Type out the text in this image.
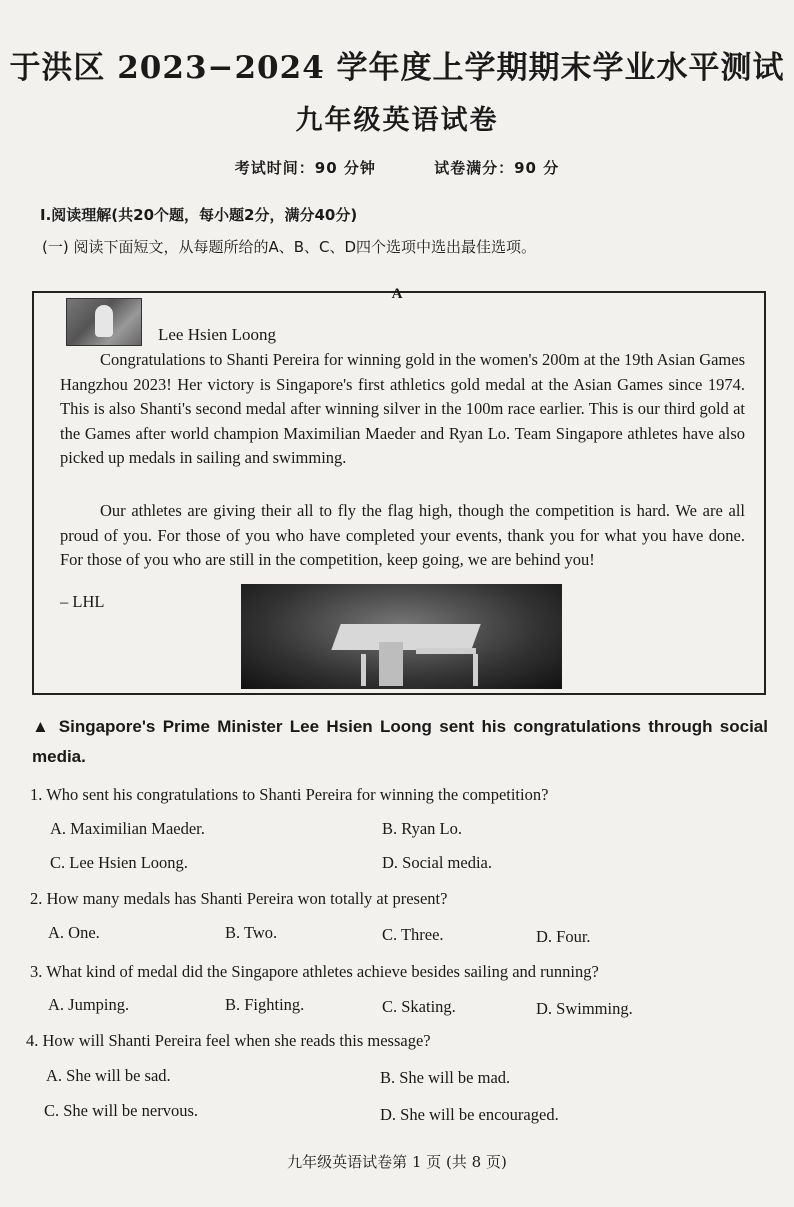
于洪区 2023−2024 学年度上学期期末学业水平测试
九年级英语试卷
考试时间：90 分钟	试卷满分：90 分
I.阅读理解(共20个题，每小题2分，满分40分)
(一) 阅读下面短文，从每题所给的A、B、C、D四个选项中选出最佳选项。
A
Lee Hsien Loong
Congratulations to Shanti Pereira for winning gold in the women's 200m at the 19th Asian Games Hangzhou 2023! Her victory is Singapore's first athletics gold medal at the Asian Games since 1974. This is also Shanti's second medal after winning silver in the 100m race earlier. This is our third gold at the Games after world champion Maximilian Maeder and Ryan Lo. Team Singapore athletes have also picked up medals in sailing and swimming.
Our athletes are giving their all to fly the flag high, though the competition is hard. We are all proud of you. For those of you who have completed your events, thank you for what you have done. For those of you who are still in the competition, keep going, we are behind you!
– LHL
▲ Singapore's Prime Minister Lee Hsien Loong sent his congratulations through social media.
1. Who sent his congratulations to Shanti Pereira for winning the competition?
A. Maximilian Maeder.	B. Ryan Lo.
C. Lee Hsien Loong.	D. Social media.
2. How many medals has Shanti Pereira won totally at present?
A. One.	B. Two.	C. Three.	D. Four.
3. What kind of medal did the Singapore athletes achieve besides sailing and running?
A. Jumping.	B. Fighting.	C. Skating.	D. Swimming.
4. How will Shanti Pereira feel when she reads this message?
A. She will be sad.	B. She will be mad.
C. She will be nervous.	D. She will be encouraged.
九年级英语试卷第 1 页 (共 8 页)
